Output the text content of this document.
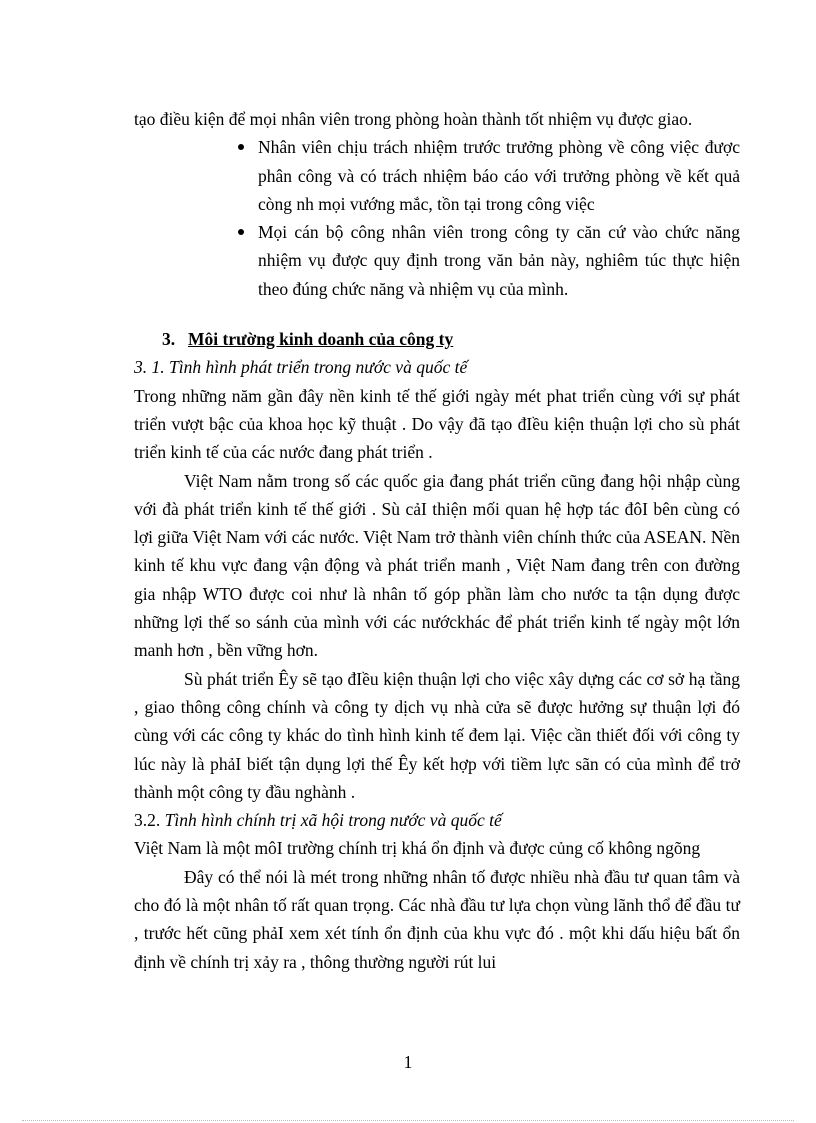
tạo điều kiện để mọi nhân viên trong phòng hoàn thành tốt nhiệm vụ được giao.

Nhân viên chịu trách nhiệm trước trưởng phòng về công việc được phân công và có trách nhiệm báo cáo với trưởng phòng về kết quả còng nh mọi vướng mắc, tồn tại trong công việc
Mọi cán bộ công nhân viên trong công ty căn cứ vào chức năng nhiệm vụ được quy định trong văn bản này, nghiêm túc thực hiện theo đúng chức năng và nhiệm vụ của mình.

3. Môi trường kinh doanh của công ty

3. 1. Tình hình phát triển trong nước và quốc tế

Trong những năm gần đây nền kinh tế thế giới ngày mét phat triển cùng với sự phát triển vượt bậc của khoa học kỹ thuật . Do vậy đã tạo đIều kiện thuận lợi cho sù phát triển kinh tế của các nước đang phát triển .

Việt Nam nằm trong số các quốc gia đang phát triển cũng đang hội nhập cùng với đà phát triển kinh tế thế giới . Sù cảI thiện mối quan hệ hợp tác đôI bên cùng có lợi giữa Việt Nam với các nước. Việt Nam trở thành viên chính thức của ASEAN. Nền kinh tế khu vực đang vận động và phát triển manh , Việt Nam đang trên con đường gia nhập WTO được coi như là nhân tố góp phần làm cho nước ta tận dụng được những lợi thế so sánh của mình với các nướckhác để phát triển kinh tế ngày một lớn manh hơn , bền vững hơn.

Sù phát triển Êy sẽ tạo đIều kiện thuận lợi cho việc xây dựng các cơ sở hạ tầng , giao thông công chính và công ty dịch vụ nhà cửa sẽ được hưởng sự thuận lợi đó cùng với các công ty khác do tình hình kinh tế đem lại. Việc cần thiết đối với công ty lúc này là phảI biết tận dụng lợi thế Êy kết hợp với tiềm lực sãn có của mình để trở thành một công ty đầu nghành .

3.2. Tình hình chính trị xã hội trong nước và quốc tế

Việt Nam là một môI trường chính trị khá ổn định và được củng cố không ngõng

Đây có thể nói là mét trong những nhân tố được nhiều nhà đầu tư quan tâm và cho đó là một nhân tố rất quan trọng. Các nhà đầu tư lựa chọn vùng lãnh thổ để đầu tư , trước hết cũng phảI xem xét tính ổn định của khu vực đó . một khi dấu hiệu bất ổn định về chính trị xảy ra , thông thường người rút lui

1
